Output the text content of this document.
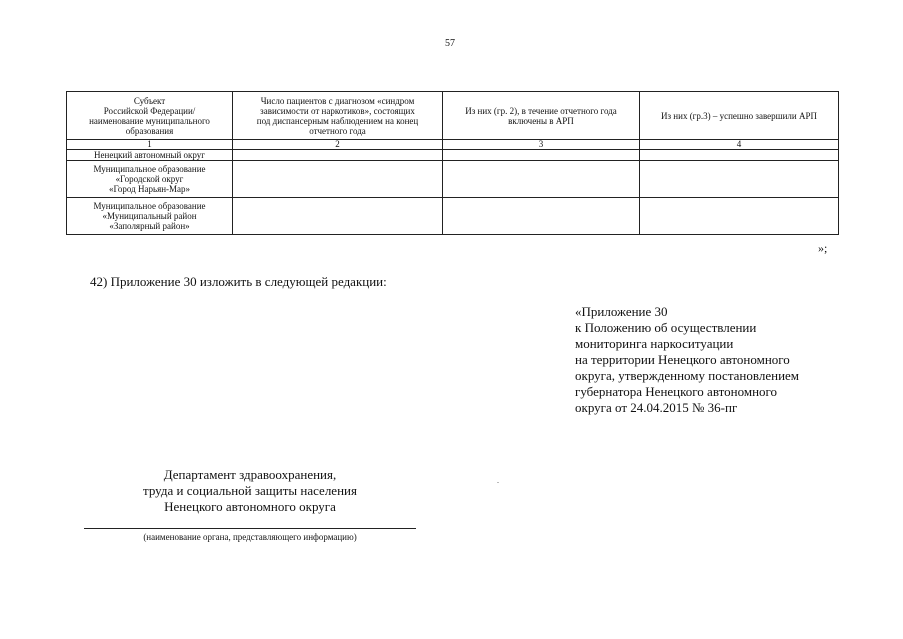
57
Субъект
Российской Федерации/
наименование муниципального
образования	Число пациентов с диагнозом «синдром
зависимости от наркотиков», состоящих
под диспансерным наблюдением на конец
отчетного года	Из них (гр. 2), в течение отчетного года
включены в АРП	Из них (гр.3) – успешно завершили АРП
1	2	3	4
Ненецкий автономный округ			
Муниципальное образование
«Городской округ
«Город Нарьян-Мар»			
Муниципальное образование
«Муниципальный район
«Заполярный район»			
»;
42) Приложение 30 изложить в следующей редакции:
«Приложение 30
к Положению об осуществлении
мониторинга наркоситуации
на территории Ненецкого автономного
округа, утвержденному постановлением
губернатора Ненецкого автономного
округа от 24.04.2015 № 36-пг
Департамент здравоохранения,
труда и социальной защиты населения
Ненецкого автономного округа
(наименование органа, представляющего информацию)
